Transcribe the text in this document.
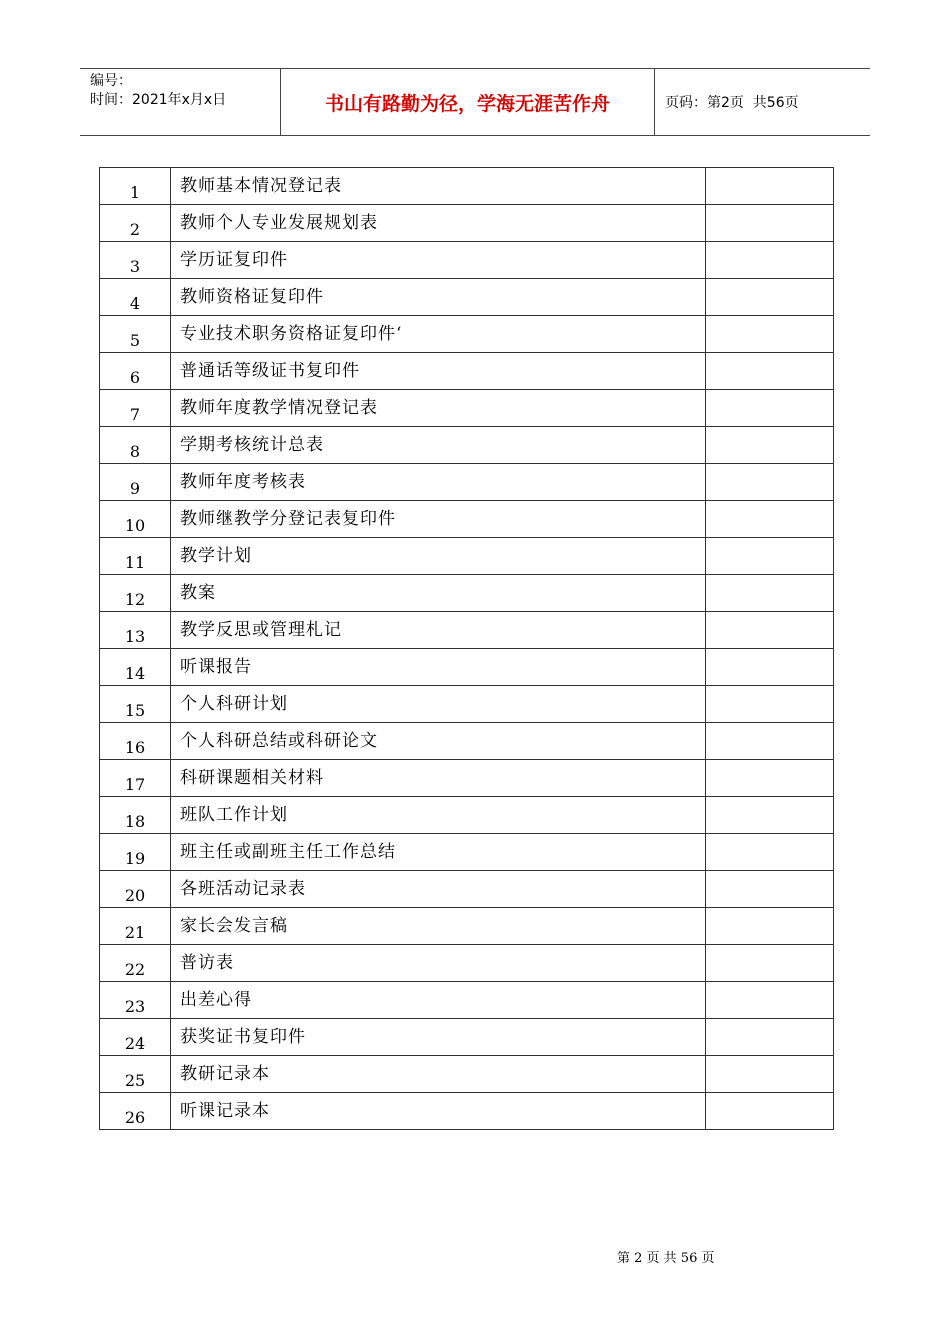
编号：
时间：2021年x月x日	书山有路勤为径，学海无涯苦作舟	页码：第2页  共56页
1	教师基本情况登记表	
2	教师个人专业发展规划表	
3	学历证复印件	
4	教师资格证复印件	
5	专业技术职务资格证复印件‘	
6	普通话等级证书复印件	
7	教师年度教学情况登记表	
8	学期考核统计总表	
9	教师年度考核表	
10	教师继教学分登记表复印件	
11	教学计划	
12	教案	
13	教学反思或管理札记	
14	听课报告	
15	个人科研计划	
16	个人科研总结或科研论文	
17	科研课题相关材料	
18	班队工作计划	
19	班主任或副班主任工作总结	
20	各班活动记录表	
21	家长会发言稿	
22	普访表	
23	出差心得	
24	获奖证书复印件	
25	教研记录本	
26	听课记录本	
第 2 页 共 56 页
